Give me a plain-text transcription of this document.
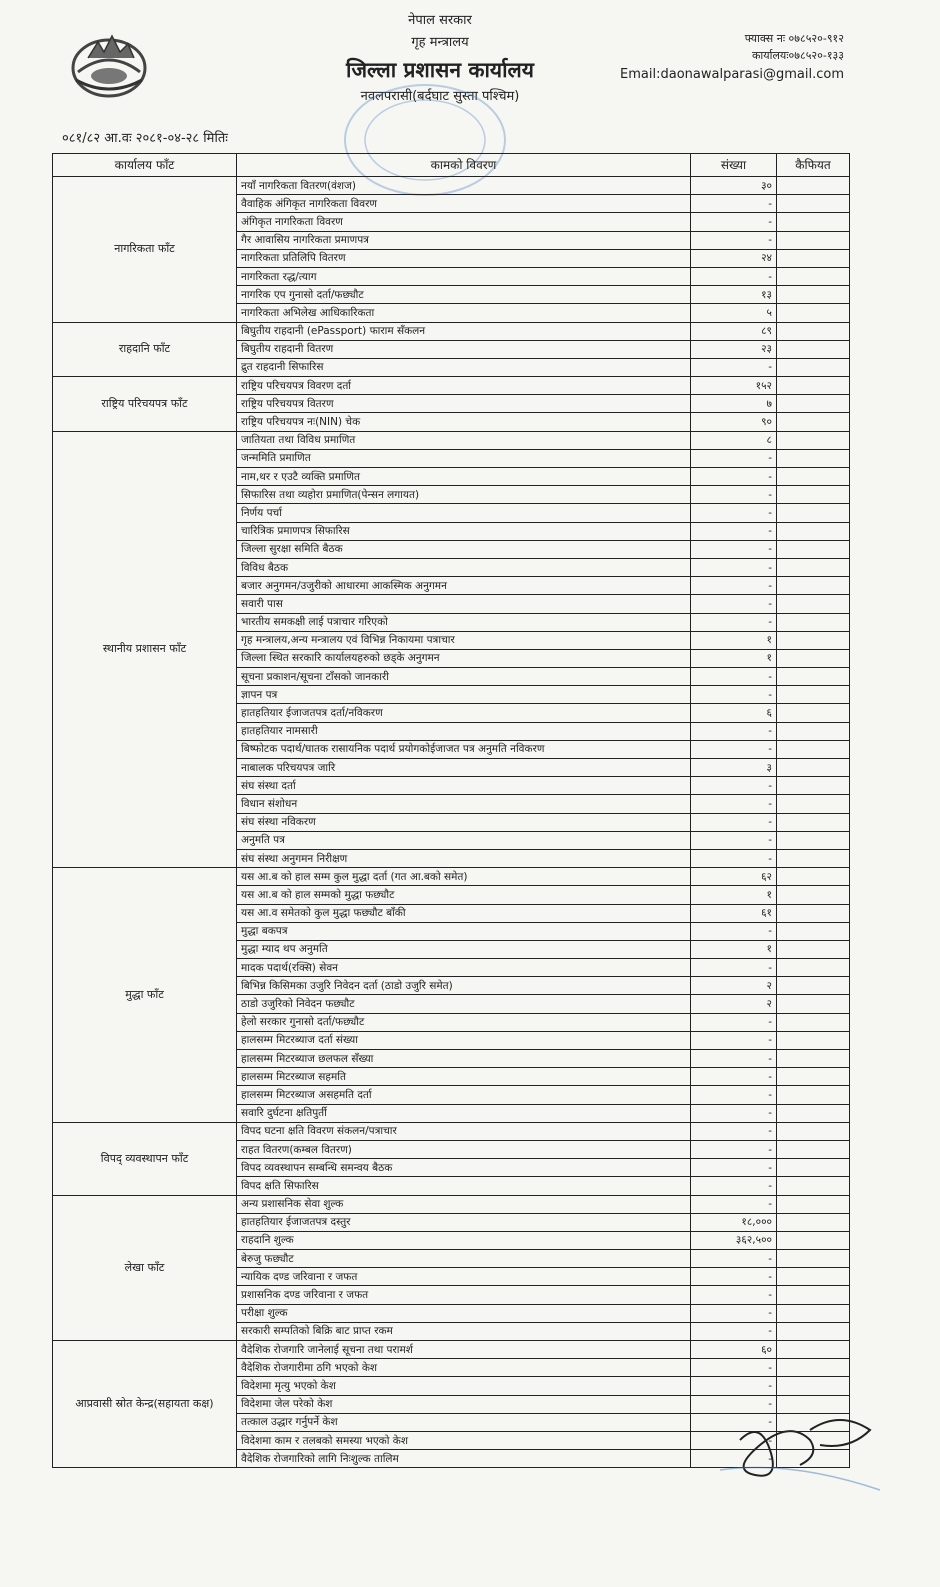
नेपाल सरकार
गृह मन्त्रालय
जिल्ला प्रशासन कार्यालय
नवलपरासी(बर्दघाट सुस्ता पश्चिम)
फ्याक्स नः ०७८५२०-९१२
कार्यालयः०७८५२०-१३३
Email:daonawalparasi@gmail.com
०८१/८२ आ.वः २०८१-०४-२८ मितिः
कार्यालय फाँट	कामको विवरण	संख्या	कैफियत
नागरिकता फाँट	नयाँ नागरिकता वितरण(वंशज)	३०	
	वैवाहिक अंगिकृत नागरिकता विवरण	-	
	अंगिकृत नागरिकता विवरण	-	
	गैर आवासिय नागरिकता प्रमाणपत्र	-	
	नागरिकता प्रतिलिपि वितरण	२४	
	नागरिकता रद्ध/त्याग	-	
	नागरिक एप गुनासो दर्ता/फछ्यौट	१३	
	नागरिकता अभिलेख आधिकारिकता	५	
राहदानि फाँट	बिघुतीय राहदानी (ePassport) फाराम सँकलन	८९	
	बिघुतीय राहदानी वितरण	२३	
	द्रुत राहदानी सिफारिस	-	
राष्ट्रिय परिचयपत्र फाँट	राष्ट्रिय परिचयपत्र विवरण दर्ता	१५२	
	राष्ट्रिय परिचयपत्र वितरण	७	
	राष्ट्रिय परिचयपत्र नः(NIN) चेक	९०	
स्थानीय प्रशासन फाँट	जातियता तथा विविध प्रमाणित	८	
	जन्ममिति प्रमाणित	-	
	नाम,थर र एउटै व्यक्ति प्रमाणित	-	
	सिफारिस तथा व्यहोरा प्रमाणित(पेन्सन लगायत)	-	
	निर्णय पर्चा	-	
	चारित्रिक प्रमाणपत्र सिफारिस	-	
	जिल्ला सुरक्षा समिति बैठक	-	
	विविध बैठक	-	
	बजार अनुगमन/उजुरीको आधारमा आकस्मिक अनुगमन	-	
	सवारी पास	-	
	भारतीय समकक्षी लाई पत्राचार गरिएको	-	
	गृह मन्त्रालय,अन्य मन्त्रालय एवं विभिन्न निकायमा पत्राचार	१	
	जिल्ला स्थित सरकारि कार्यालयहरुको छड्के अनुगमन	१	
	सूचना प्रकाशन/सूचना टाँसको जानकारी	-	
	ज्ञापन पत्र	-	
	हातहतियार ईजाजतपत्र दर्ता/नविकरण	६	
	हातहतियार नामसारी	-	
	बिष्फोटक पदार्थ/घातक रासायनिक पदार्थ प्रयोगकोईजाजत पत्र अनुमति नविकरण	-	
	नाबालक परिचयपत्र जारि	३	
	संघ संस्था दर्ता	-	
	विधान संशोधन	-	
	संघ संस्था नविकरण	-	
	अनुमति पत्र	-	
	संघ संस्था अनुगमन निरीक्षण	-	
मुद्धा फाँट	यस आ.ब को हाल सम्म कुल मुद्धा दर्ता (गत आ.बको समेत)	६२	
	यस आ.ब को हाल सम्मको मुद्धा फछ्यौट	१	
	यस आ.व समेतको कुल मुद्धा फछ्यौट बाँकी	६१	
	मुद्धा बकपत्र	-	
	मुद्धा म्याद थप अनुमति	१	
	मादक पदार्थ(रक्सि) सेवन	-	
	बिभिन्न किसिमका उजुरि निवेदन दर्ता (ठाडो उजुरि समेत)	२	
	ठाडो उजुरिको निवेदन फछ्यौट	२	
	हेलो सरकार गुनासो दर्ता/फछ्यौट	-	
	हालसम्म मिटरब्याज दर्ता संख्या	-	
	हालसम्म मिटरब्याज छलफल सँख्या	-	
	हालसम्म मिटरब्याज सहमति	-	
	हालसम्म मिटरब्याज असहमति दर्ता	-	
	सवारि दुर्घटना क्षतिपुर्ती	-	
विपद् व्यवस्थापन फाँट	विपद घटना क्षति विवरण संकलन/पत्राचार	-	
	राहत वितरण(कम्बल वितरण)	-	
	विपद व्यवस्थापन सम्बन्धि समन्वय बैठक	-	
	विपद क्षति सिफारिस	-	
लेखा फाँट	अन्य प्रशासनिक सेवा शुल्क	-	
	हातहतियार ईजाजतपत्र दस्तुर	१८,०००	
	राहदानि शुल्क	३६२,५००	
	बेरुजु फछ्यौट	-	
	न्यायिक दण्ड जरिवाना र जफत	-	
	प्रशासनिक दण्ड जरिवाना र जफत	-	
	परीक्षा शुल्क	-	
	सरकारी सम्पतिको बिक्रि बाट प्राप्त रकम	-	
आप्रवासी स्रोत केन्द्र(सहायता कक्ष)	वैदेशिक रोजगारि जानेलाई सूचना तथा परामर्श	६०	
	वैदेशिक रोजगारीमा ठगि भएको केश	-	
	विदेशमा मृत्यु भएको केश	-	
	विदेशमा जेल परेको केश	-	
	तत्काल उद्धार गर्नुपर्ने केश	-	
	विदेशमा काम र तलबको समस्या भएको केश	-	
	वैदेशिक रोजगारिको लागि निःशुल्क तालिम	-	
